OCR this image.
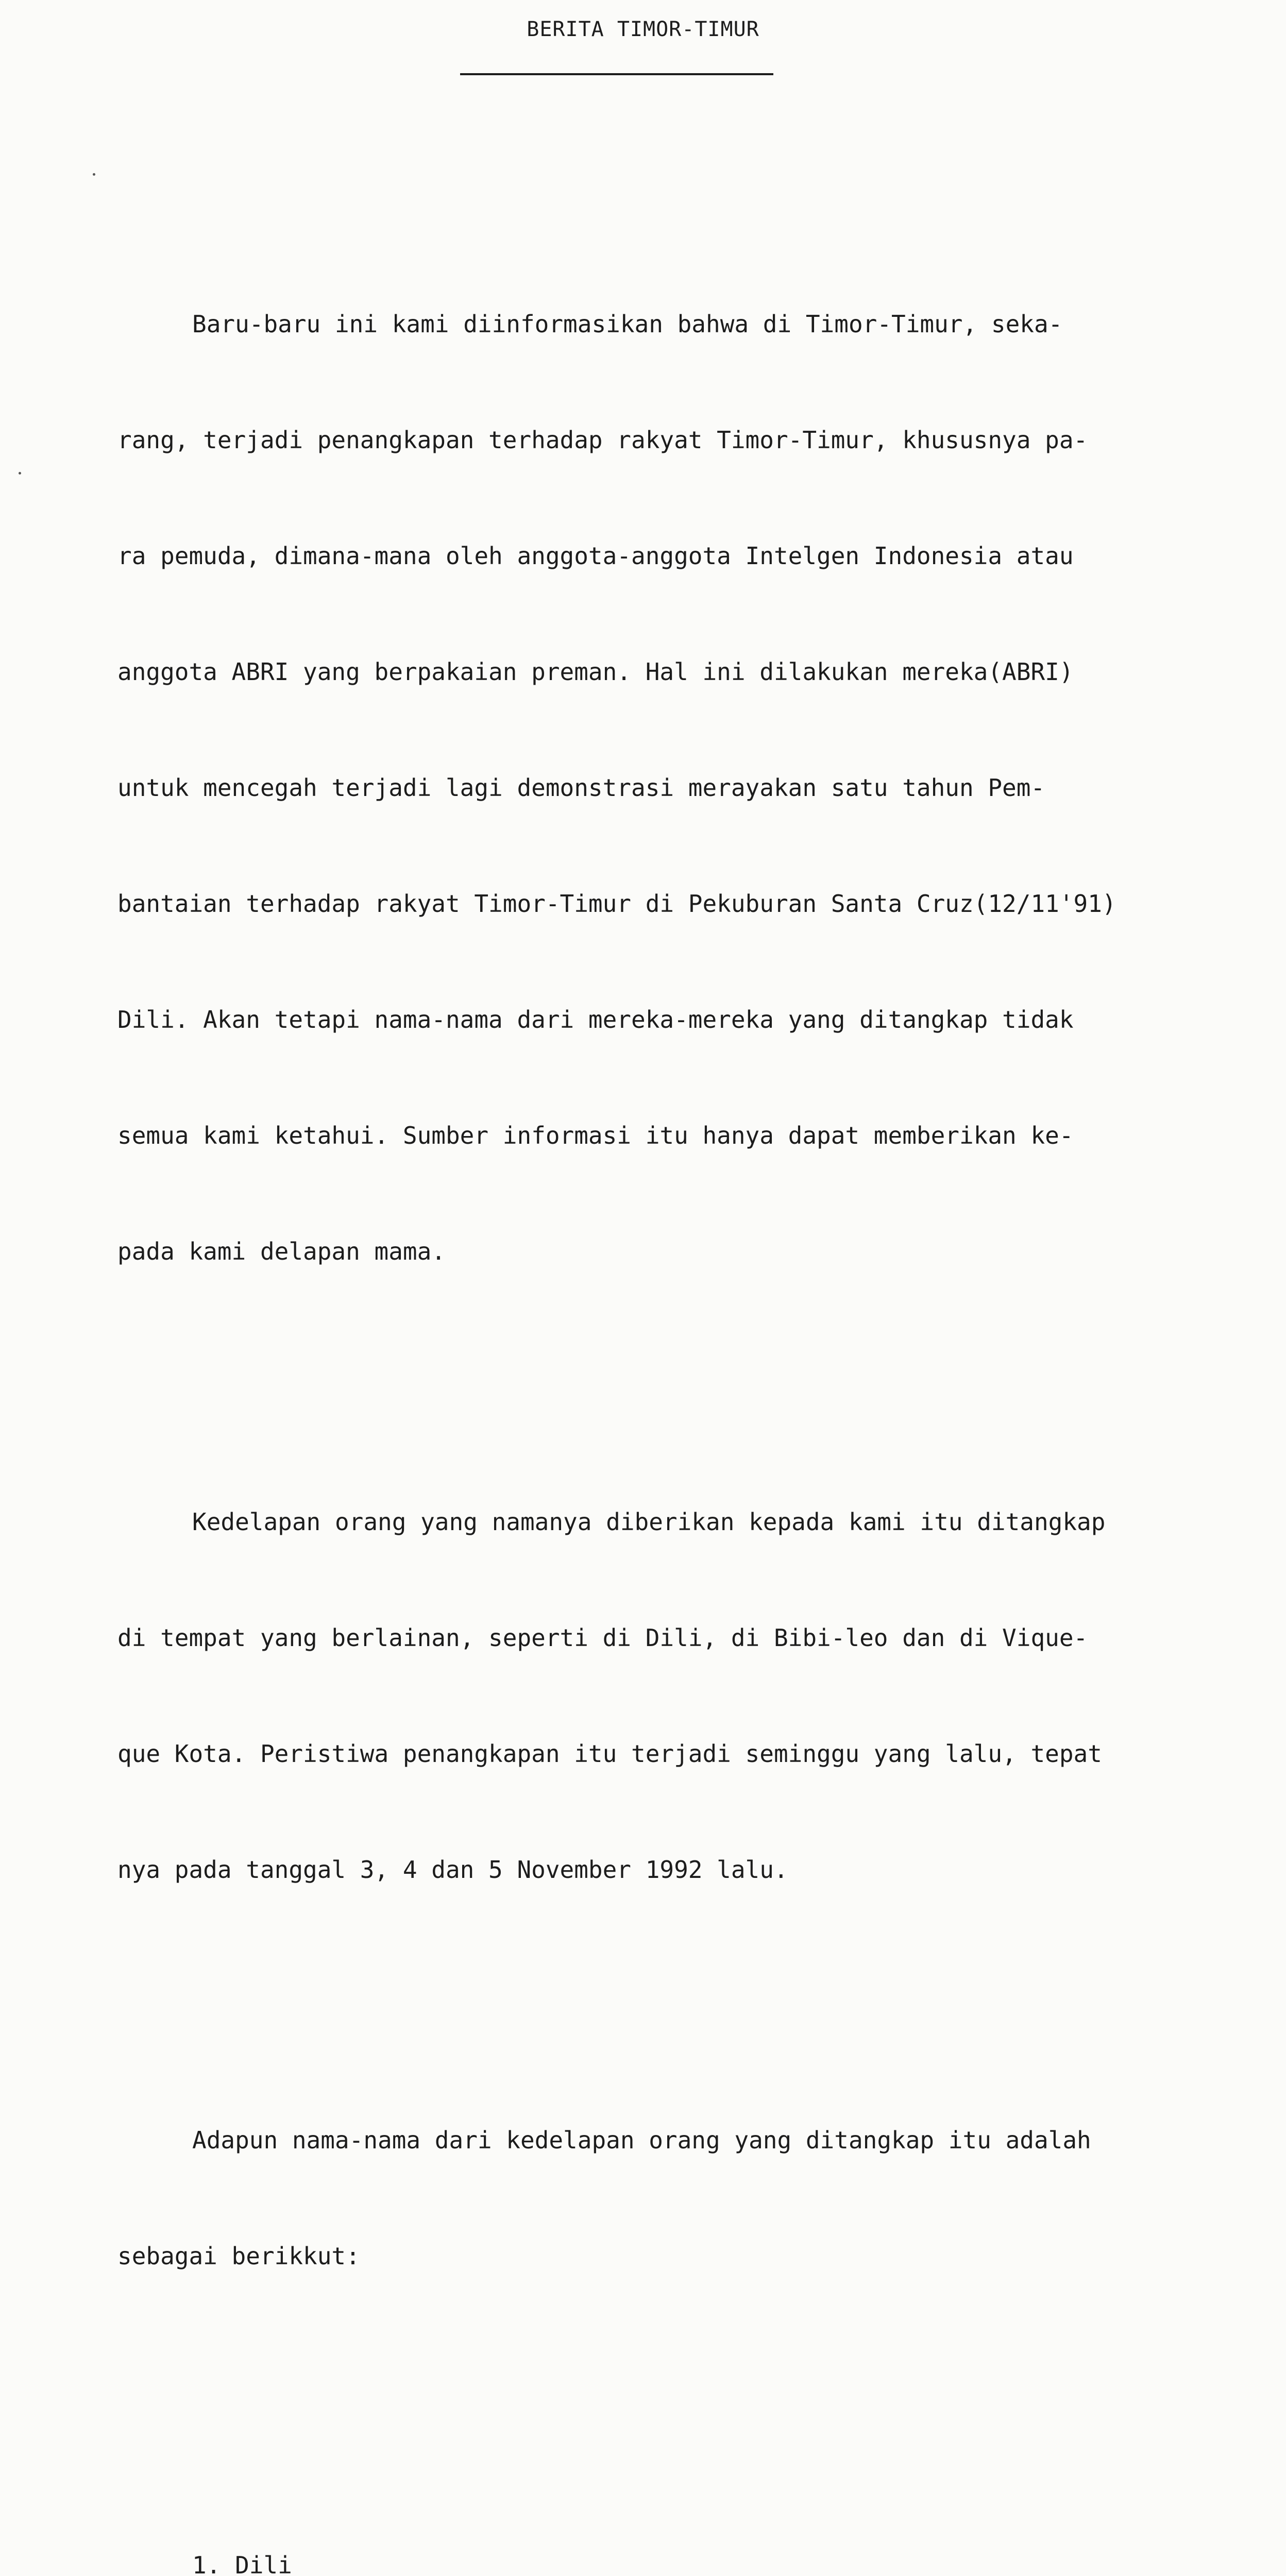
BERITA TIMOR-TIMUR

Baru-baru ini kami diinformasikan bahwa di Timor-Timur, seka-

rang, terjadi penangkapan terhadap rakyat Timor-Timur, khususnya pa-

ra pemuda, dimana-mana oleh anggota-anggota Intelgen Indonesia atau

anggota ABRI yang berpakaian preman. Hal ini dilakukan mereka(ABRI)

untuk mencegah terjadi lagi demonstrasi merayakan satu tahun Pem-

bantaian terhadap rakyat Timor-Timur di Pekuburan Santa Cruz(12/11'91)

Dili. Akan tetapi nama-nama dari mereka-mereka yang ditangkap tidak

semua kami ketahui. Sumber informasi itu hanya dapat memberikan ke-

pada kami delapan mama.

Kedelapan orang yang namanya diberikan kepada kami itu ditangkap

di tempat yang berlainan, seperti di Dili, di Bibi-leo dan di Vique-

que Kota. Peristiwa penangkapan itu terjadi seminggu yang lalu, tepat

nya pada tanggal 3, 4 dan 5 November 1992 lalu.

Adapun nama-nama dari kedelapan orang yang ditangkap itu adalah

sebagai berikkut:

1. Dili
